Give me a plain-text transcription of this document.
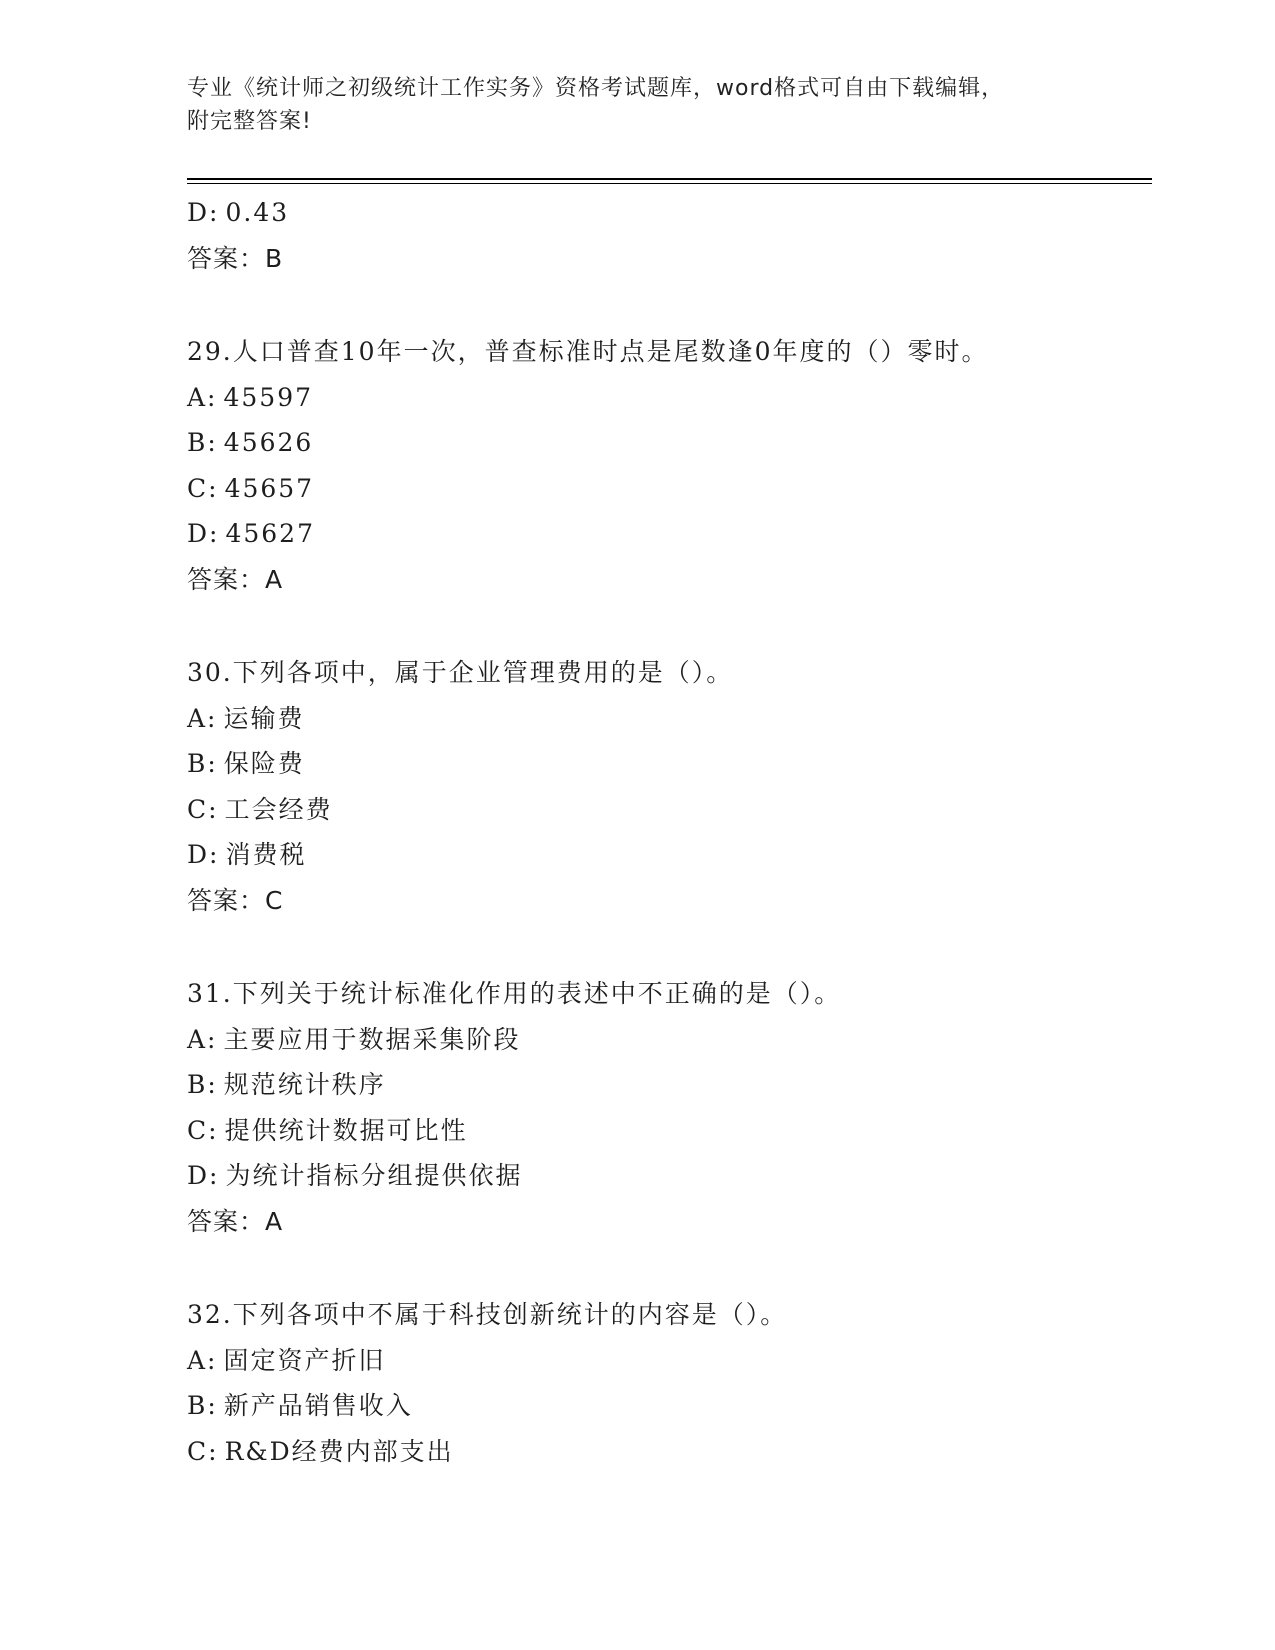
专业《统计师之初级统计工作实务》资格考试题库，word格式可自由下载编辑，
附完整答案!
D: 0.43
答案：B
29.人口普查10年一次，普查标准时点是尾数逢0年度的（）零时。
A: 45597
B: 45626
C: 45657
D: 45627
答案：A
30.下列各项中，属于企业管理费用的是（）。
A: 运输费
B: 保险费
C: 工会经费
D: 消费税
答案：C
31.下列关于统计标准化作用的表述中不正确的是（）。
A: 主要应用于数据采集阶段
B: 规范统计秩序
C: 提供统计数据可比性
D: 为统计指标分组提供依据
答案：A
32.下列各项中不属于科技创新统计的内容是（）。
A: 固定资产折旧
B: 新产品销售收入
C: R&D经费内部支出
